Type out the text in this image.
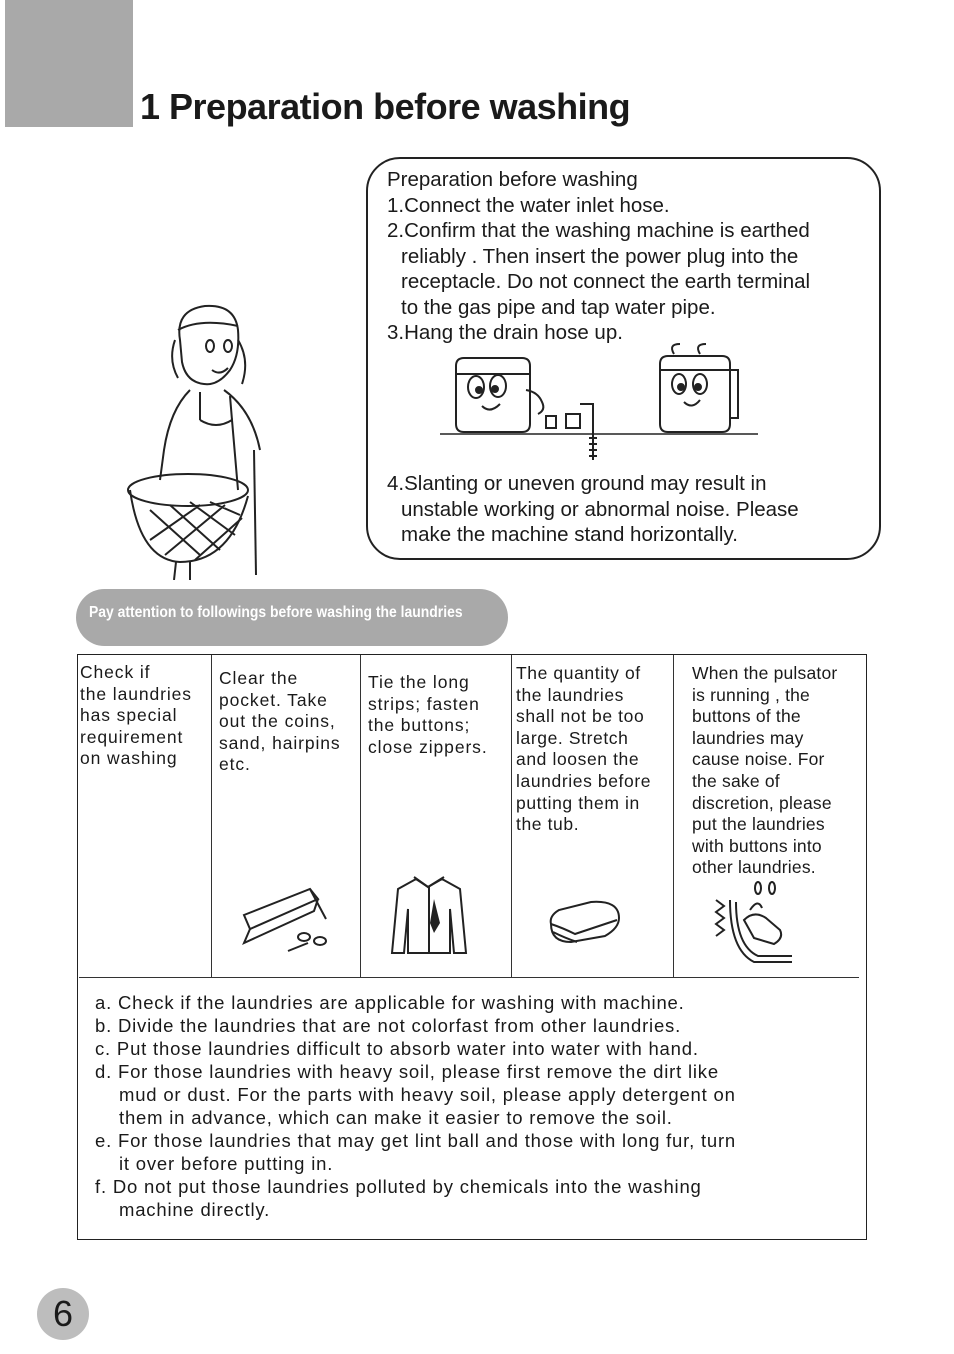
1 Preparation before washing
Preparation before washing
1.Connect the water inlet hose.
2.Confirm that the washing machine is earthed
reliably . Then insert the power plug into the
receptacle. Do not connect the earth terminal
to the gas pipe and tap water pipe.
3.Hang the drain hose up.
4.Slanting or uneven ground may result in
unstable working or abnormal noise. Please
make the machine stand horizontally.
Pay attention to followings before washing the laundries
Check if
the laundries
has special
requirement
on washing
Clear the
pocket. Take
out the coins,
sand, hairpins
etc.
Tie the long
strips; fasten
the buttons;
close zippers.
The quantity of
the laundries
shall not be too
large. Stretch
and loosen the
laundries before
putting them in
the tub.
When the pulsator
is running , the
buttons of the
laundries may
cause noise. For
the sake of
discretion, please
put the laundries
with buttons into
other laundries.
a. Check if the laundries are applicable for washing with machine.
b. Divide the laundries that are not colorfast from other laundries.
c. Put those laundries difficult to absorb water into water with hand.
d. For those laundries with heavy soil, please first remove the dirt like
mud or dust. For the parts with heavy soil, please apply detergent on
them in advance, which can make it easier to remove the soil.
e. For those laundries that may get lint ball and those with long fur, turn
it over before putting in.
f. Do not put those laundries polluted by chemicals into the washing
machine directly.
6
